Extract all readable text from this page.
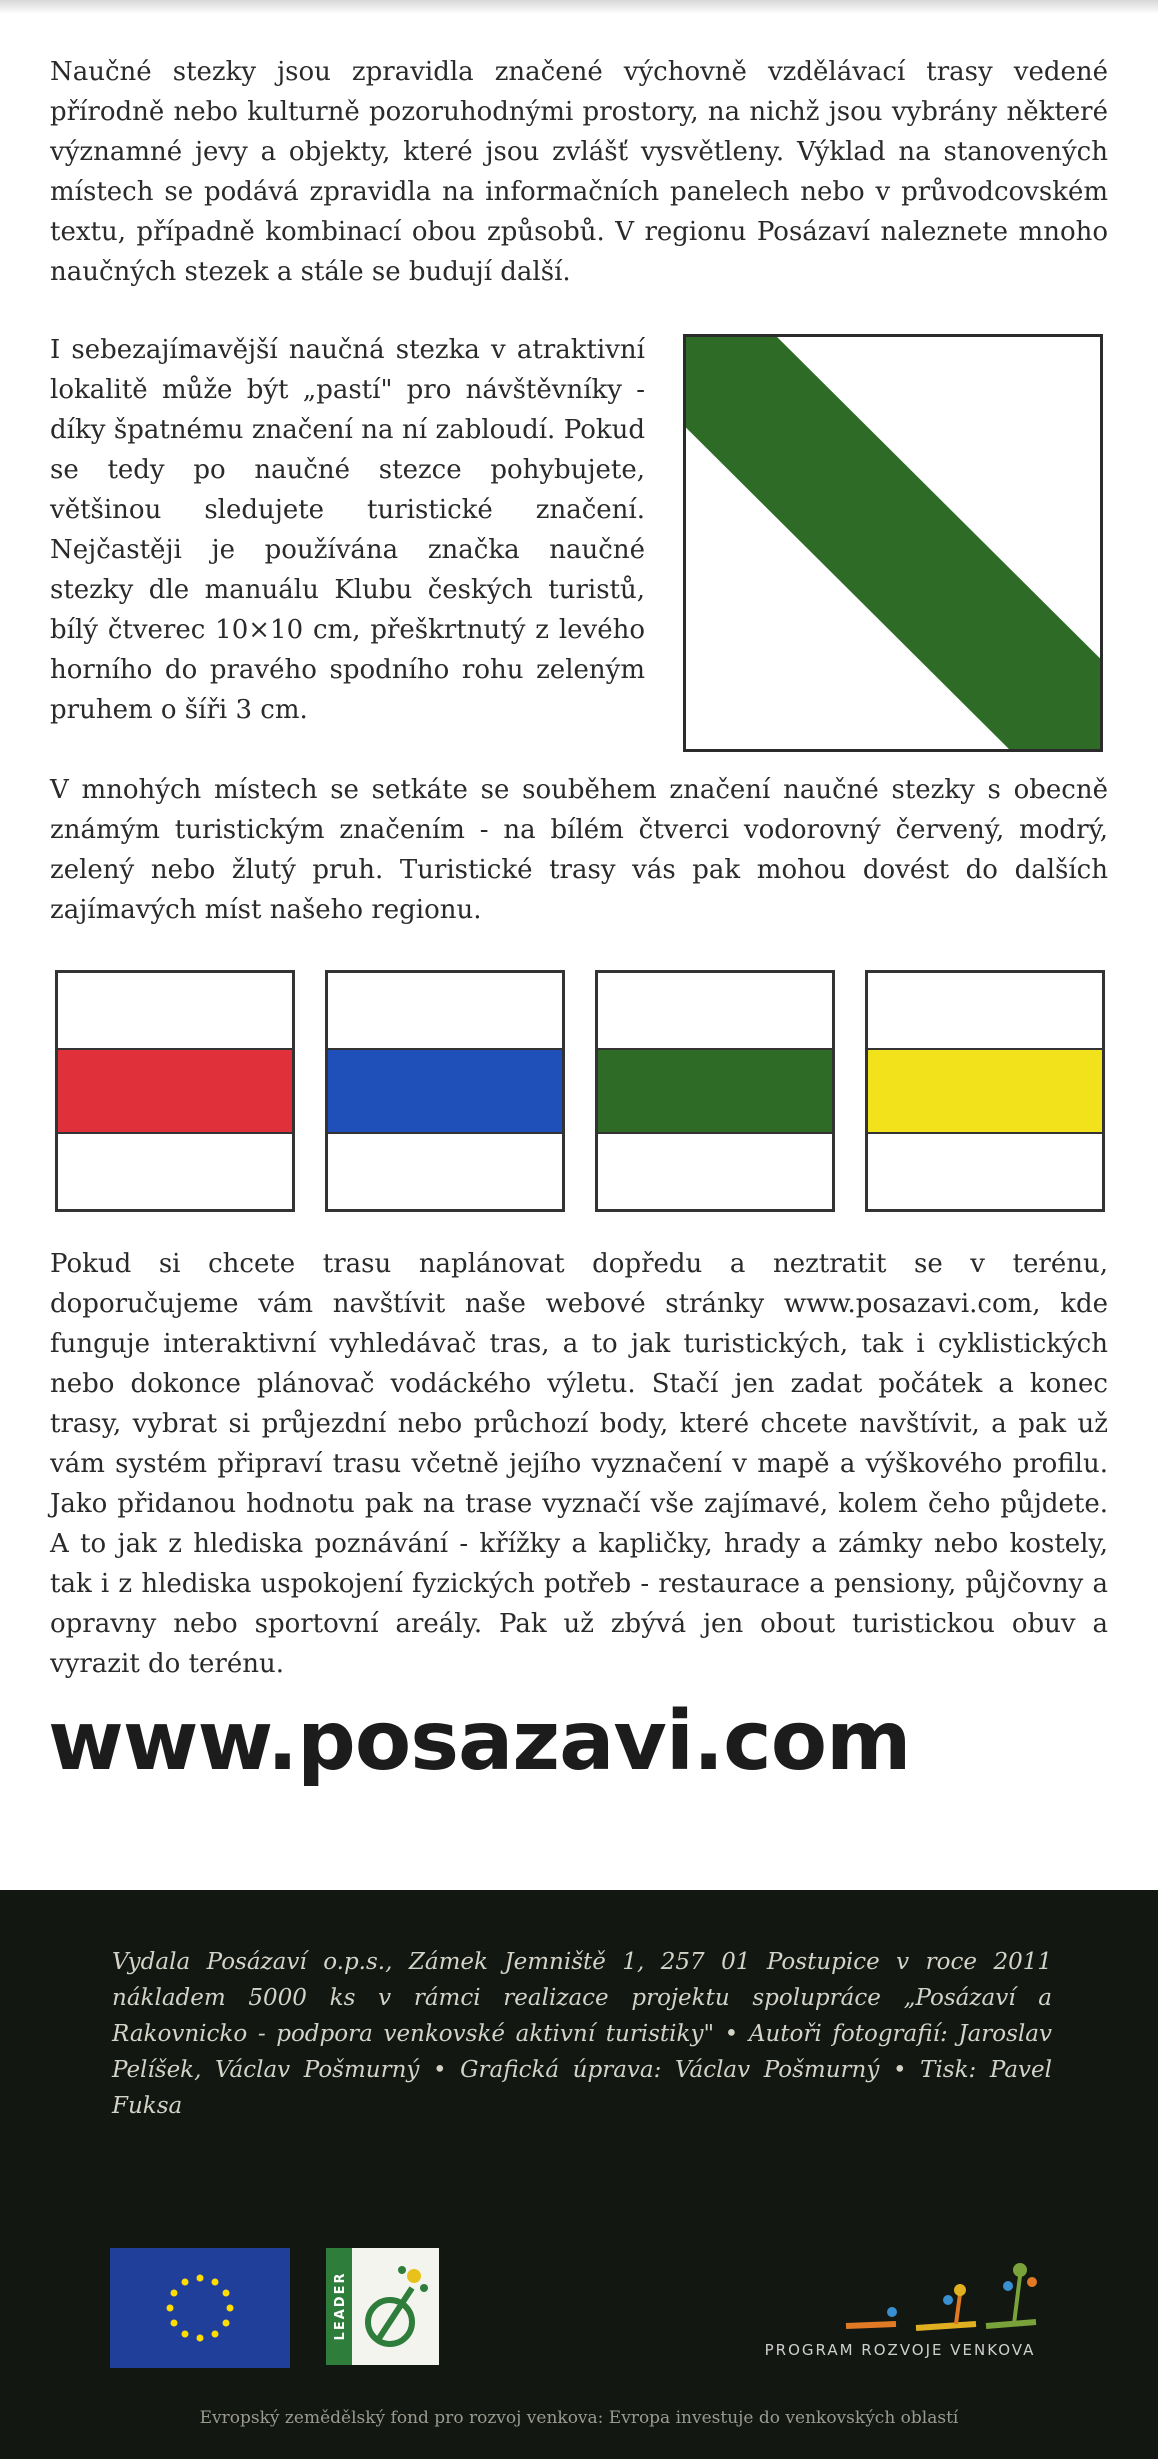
Naučné stezky jsou zpravidla značené výchovně vzdělávací trasy vedené přírodně nebo kulturně pozoruhodnými prostory, na nichž jsou vybrány některé významné jevy a objekty, které jsou zvlášť vysvětleny. Výklad na stanovených místech se podává zpravidla na informačních panelech nebo v průvodcovském textu, případně kombinací obou způsobů. V regionu Posázaví naleznete mnoho naučných stezek a stále se budují další.

I sebezajímavější naučná stezka v atraktivní lokalitě může být „pastí" pro návštěvníky - díky špatnému značení na ní zabloudí. Pokud se tedy po naučné stezce pohybujete, většinou sledujete turistické značení. Nejčastěji je používána značka naučné stezky dle manuálu Klubu českých turistů, bílý čtverec 10×10 cm, přeškrtnutý z levého horního do pravého spodního rohu zeleným pruhem o šíři 3 cm.

V mnohých místech se setkáte se souběhem značení naučné stezky s obecně známým turistickým značením - na bílém čtverci vodorovný červený, modrý, zelený nebo žlutý pruh. Turistické trasy vás pak mohou dovést do dalších zajímavých míst našeho regionu.

Pokud si chcete trasu naplánovat dopředu a neztratit se v terénu, doporučujeme vám navštívit naše webové stránky www.posazavi.com, kde funguje interaktivní vyhledávač tras, a to jak turistických, tak i cyklistických nebo dokonce plánovač vodáckého výletu. Stačí jen zadat počátek a konec trasy, vybrat si průjezdní nebo průchozí body, které chcete navštívit, a pak už vám systém připraví trasu včetně jejího vyznačení v mapě a výškového profilu. Jako přidanou hodnotu pak na trase vyznačí vše zajímavé, kolem čeho půjdete. A to jak z hlediska poznávání - křížky a kapličky, hrady a zámky nebo kostely, tak i z hlediska uspokojení fyzických potřeb - restaurace a pensiony, půjčovny a opravny nebo sportovní areály. Pak už zbývá jen obout turistickou obuv a vyrazit do terénu.

www.posazavi.com

Vydala Posázaví o.p.s., Zámek Jemniště 1, 257 01 Postupice v roce 2011 nákladem 5000 ks v rámci realizace projektu spolupráce „Posázaví a Rakovnicko - podpora venkovské aktivní turistiky" • Autoři fotografií: Jaroslav Pelíšek, Václav Pošmurný • Grafická úprava: Václav Pošmurný • Tisk: Pavel Fuksa

LEADER

PROGRAM ROZVOJE VENKOVA

Evropský zemědělský fond pro rozvoj venkova: Evropa investuje do venkovských oblastí
